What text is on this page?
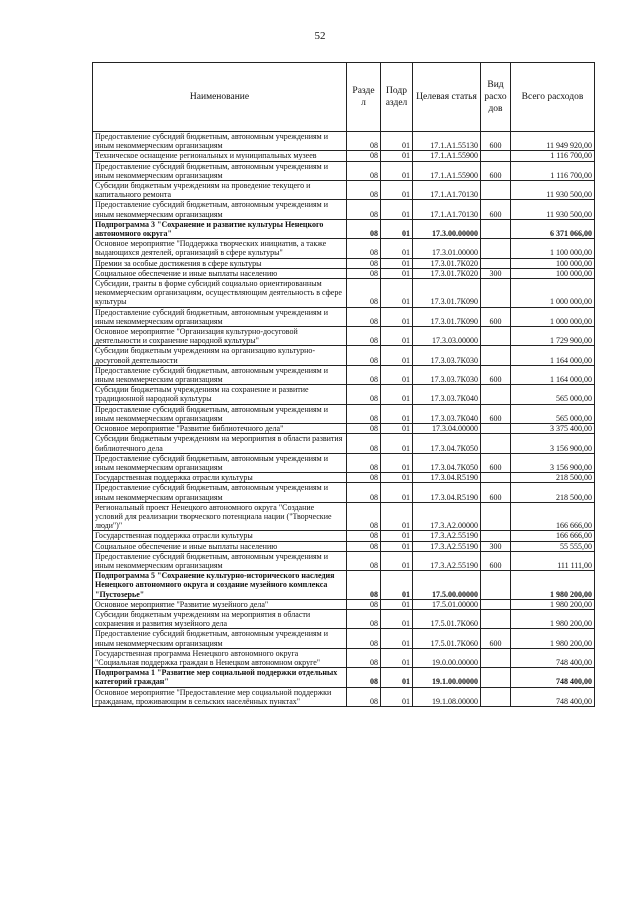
52
Наименование	Разде л	Подр аздел	Целевая статья	Вид расхо дов	Всего расходов
Предоставление субсидий бюджетным, автономным учреждениям и иным некоммерческим организациям	08	01	17.1.A1.55130	600	11 949 920,00
Техническое оснащение региональных и муниципальных музеев	08	01	17.1.A1.55900		1 116 700,00
Предоставление субсидий бюджетным, автономным учреждениям и иным некоммерческим организациям	08	01	17.1.A1.55900	600	1 116 700,00
Субсидии бюджетным учреждениям на проведение текущего и капитального ремонта	08	01	17.1.A1.70130		11 930 500,00
Предоставление субсидий бюджетным, автономным учреждениям и иным некоммерческим организациям	08	01	17.1.A1.70130	600	11 930 500,00
Подпрограмма 3 "Сохранение и развитие культуры Ненецкого автономного округа"	08	01	17.3.00.00000		6 371 066,00
Основное мероприятие "Поддержка творческих инициатив, а также выдающихся деятелей, организаций в сфере культуры"	08	01	17.3.01.00000		1 100 000,00
Премии за особые достижения в сфере культуры	08	01	17.3.01.7К020		100 000,00
Социальное обеспечение и иные выплаты населению	08	01	17.3.01.7К020	300	100 000,00
Субсидии, гранты в форме субсидий социально ориентированным некоммерческим организациям, осуществляющим деятельность в сфере культуры	08	01	17.3.01.7К090		1 000 000,00
Предоставление субсидий бюджетным, автономным учреждениям и иным некоммерческим организациям	08	01	17.3.01.7К090	600	1 000 000,00
Основное мероприятие "Организация культурно-досуговой деятельности и сохранение народной культуры"	08	01	17.3.03.00000		1 729 900,00
Субсидии бюджетным учреждениям на организацию культурно-досуговой деятельности	08	01	17.3.03.7К030		1 164 000,00
Предоставление субсидий бюджетным, автономным учреждениям и иным некоммерческим организациям	08	01	17.3.03.7К030	600	1 164 000,00
Субсидии бюджетным учреждениям на сохранение и развитие традиционной народной культуры	08	01	17.3.03.7К040		565 000,00
Предоставление субсидий бюджетным, автономным учреждениям и иным некоммерческим организациям	08	01	17.3.03.7К040	600	565 000,00
Основное мероприятие "Развитие библиотечного дела"	08	01	17.3.04.00000		3 375 400,00
Субсидии бюджетным учреждениям на мероприятия в области развития библиотечного дела	08	01	17.3.04.7К050		3 156 900,00
Предоставление субсидий бюджетным, автономным учреждениям и иным некоммерческим организациям	08	01	17.3.04.7К050	600	3 156 900,00
Государственная поддержка отрасли культуры	08	01	17.3.04.R5190		218 500,00
Предоставление субсидий бюджетным, автономным учреждениям и иным некоммерческим организациям	08	01	17.3.04.R5190	600	218 500,00
Региональный проект Ненецкого автономного округа "Создание условий для реализации творческого потенциала нации ("Творческие люди")"	08	01	17.3.A2.00000		166 666,00
Государственная поддержка отрасли культуры	08	01	17.3.A2.55190		166 666,00
Социальное обеспечение и иные выплаты населению	08	01	17.3.A2.55190	300	55 555,00
Предоставление субсидий бюджетным, автономным учреждениям и иным некоммерческим организациям	08	01	17.3.A2.55190	600	111 111,00
Подпрограмма 5 "Сохранение культурно-исторического наследия Ненецкого автономного округа и создание музейного комплекса "Пустозерье"	08	01	17.5.00.00000		1 980 200,00
Основное мероприятие "Развитие музейного дела"	08	01	17.5.01.00000		1 980 200,00
Субсидии бюджетным учреждениям на мероприятия в области сохранения и развития музейного дела	08	01	17.5.01.7К060		1 980 200,00
Предоставление субсидий бюджетным, автономным учреждениям и иным некоммерческим организациям	08	01	17.5.01.7К060	600	1 980 200,00
Государственная программа Ненецкого автономного округа "Социальная поддержка граждан в Ненецком автономном округе"	08	01	19.0.00.00000		748 400,00
Подпрограмма 1 "Развитие мер социальной поддержки отдельных категорий граждан"	08	01	19.1.00.00000		748 400,00
Основное мероприятие "Предоставление мер социальной поддержки гражданам, проживающим в сельских населённых пунктах"	08	01	19.1.08.00000		748 400,00
